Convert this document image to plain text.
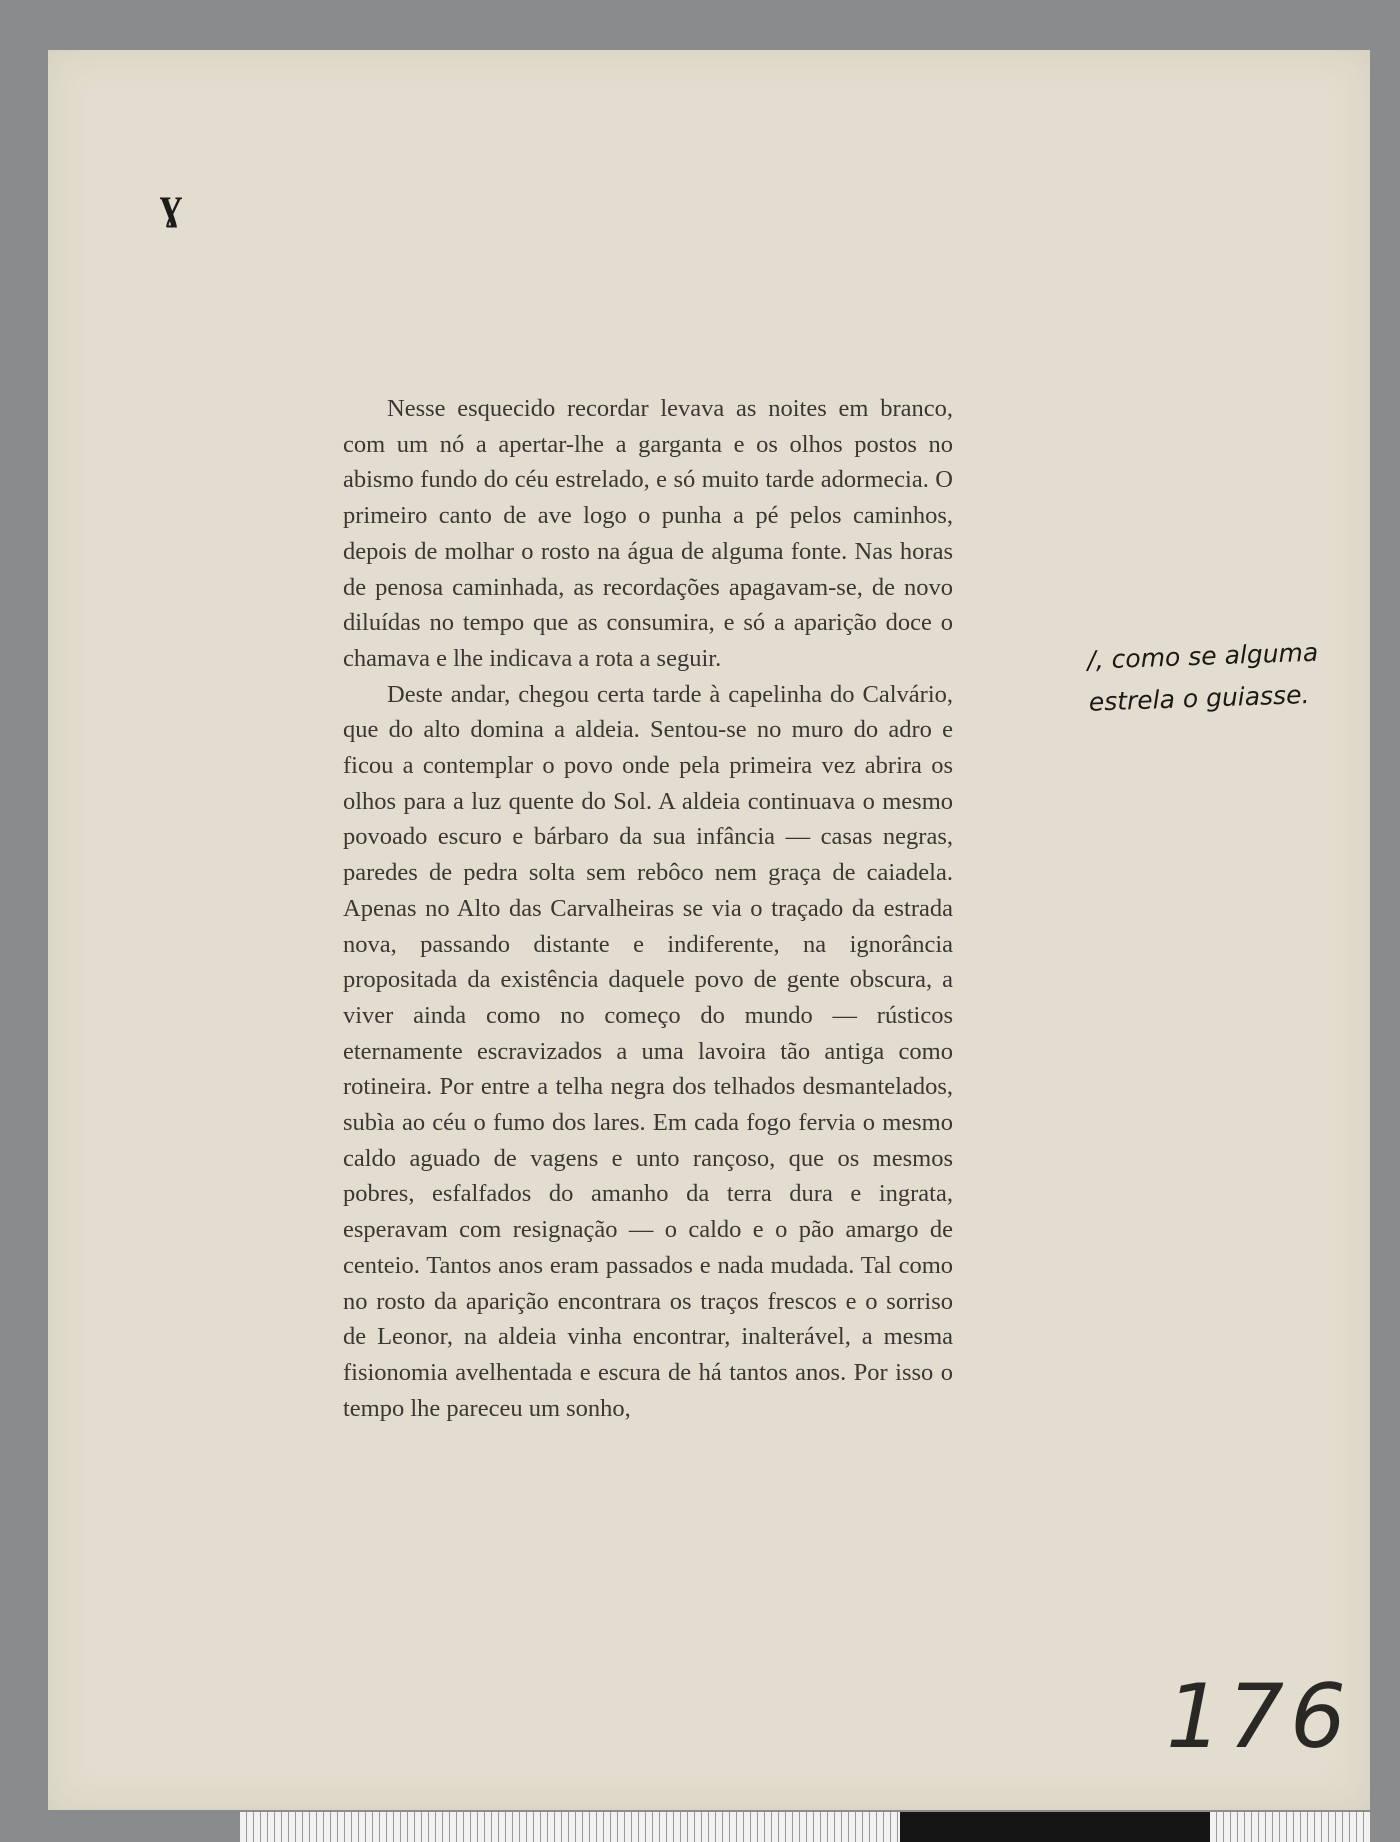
ɣ

Nesse esquecido recordar levava as noites em branco, com um nó a apertar-lhe a garganta e os olhos postos no abismo fundo do céu estrelado, e só muito tarde adormecia. O primeiro canto de ave logo o punha a pé pelos caminhos, depois de molhar o rosto na água de alguma fonte. Nas horas de penosa caminhada, as recordações apagavam-se, de novo diluídas no tempo que as consumira, e só a aparição doce o chamava e lhe indicava a rota a seguir.

Deste andar, chegou certa tarde à capelinha do Calvário, que do alto domina a aldeia. Sentou-se no muro do adro e ficou a contemplar o povo onde pela primeira vez abrira os olhos para a luz quente do Sol. A aldeia continuava o mesmo povoado escuro e bárbaro da sua infância — casas negras, paredes de pedra solta sem rebôco nem graça de caiadela. Apenas no Alto das Carvalheiras se via o traçado da estrada nova, passando distante e indiferente, na ignorância propositada da existência daquele povo de gente obscura, a viver ainda como no começo do mundo — rústicos eternamente escravizados a uma lavoira tão antiga como rotineira. Por entre a telha negra dos telhados desmantelados, subìa ao céu o fumo dos lares. Em cada fogo fervia o mesmo caldo aguado de vagens e unto rançoso, que os mesmos pobres, esfalfados do amanho da terra dura e ingrata, esperavam com resignação — o caldo e o pão amargo de centeio. Tantos anos eram passados e nada mudada. Tal como no rosto da aparição encontrara os traços frescos e o sorriso de Leonor, na aldeia vinha encontrar, inalterável, a mesma fisionomia avelhentada e escura de há tantos anos. Por isso o tempo lhe pareceu um sonho,

/, como se alguma estrela o guiasse.
176
